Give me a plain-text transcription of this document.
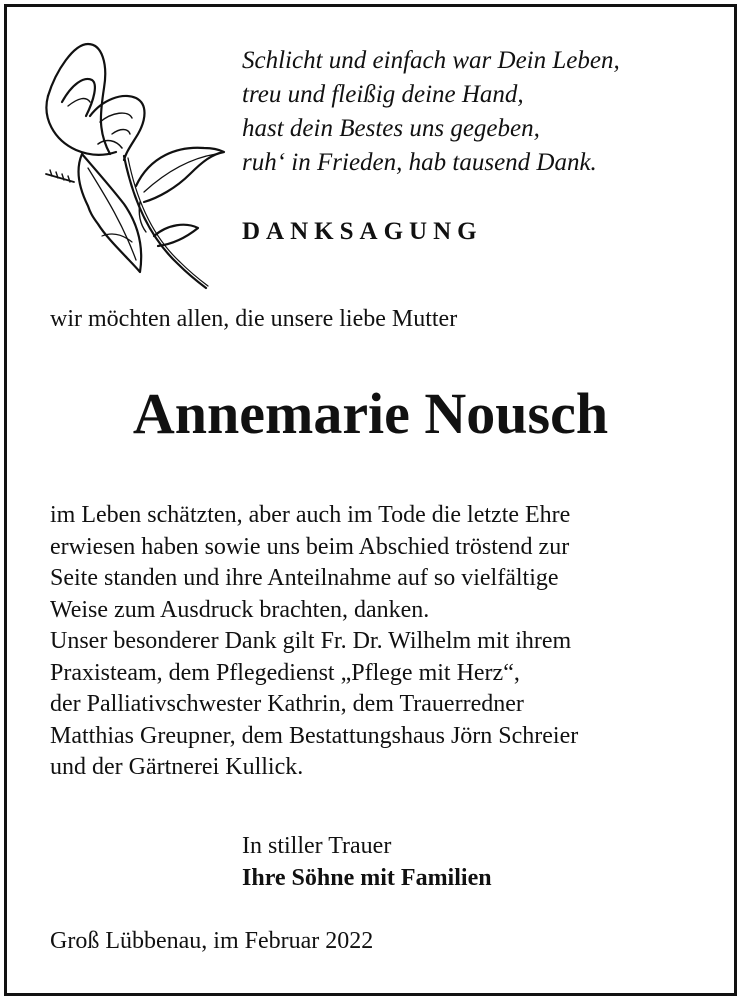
Schlicht und einfach war Dein Leben,
treu und fleißig deine Hand,
hast dein Bestes uns gegeben,
ruh‘ in Frieden, hab tausend Dank.
DANKSAGUNG
wir möchten allen, die unsere liebe Mutter
Annemarie Nousch
im Leben schätzten, aber auch im Tode die letzte Ehre
erwiesen haben sowie uns beim Abschied tröstend zur
Seite standen und ihre Anteilnahme auf so vielfältige
Weise zum Ausdruck brachten, danken.
Unser besonderer Dank gilt Fr. Dr. Wilhelm mit ihrem
Praxisteam, dem Pflegedienst „Pflege mit Herz“,
der Palliativschwester Kathrin, dem Trauerredner
Matthias Greupner, dem Bestattungshaus Jörn Schreier
und der Gärtnerei Kullick.
In stiller Trauer
Ihre Söhne mit Familien
Groß Lübbenau, im Februar 2022
